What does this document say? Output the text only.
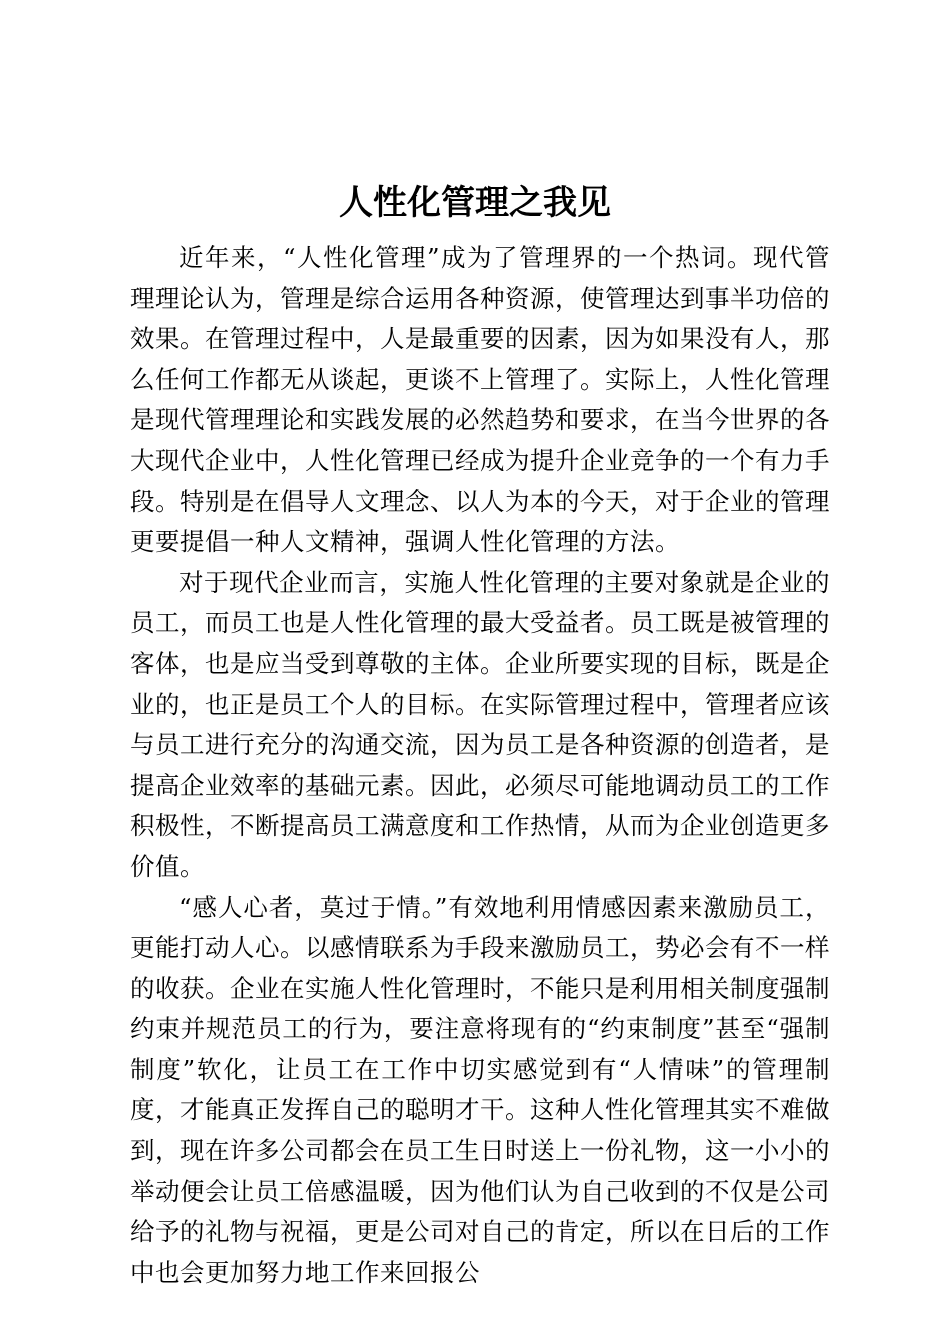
人性化管理之我见

近年来，“人性化管理”成为了管理界的一个热词。现代管理理论认为，管理是综合运用各种资源，使管理达到事半功倍的效果。在管理过程中，人是最重要的因素，因为如果没有人，那么任何工作都无从谈起，更谈不上管理了。实际上，人性化管理是现代管理理论和实践发展的必然趋势和要求，在当今世界的各大现代企业中，人性化管理已经成为提升企业竞争的一个有力手段。特别是在倡导人文理念、以人为本的今天，对于企业的管理更要提倡一种人文精神，强调人性化管理的方法。

对于现代企业而言，实施人性化管理的主要对象就是企业的员工，而员工也是人性化管理的最大受益者。员工既是被管理的客体，也是应当受到尊敬的主体。企业所要实现的目标，既是企业的，也正是员工个人的目标。在实际管理过程中，管理者应该与员工进行充分的沟通交流，因为员工是各种资源的创造者，是提高企业效率的基础元素。因此，必须尽可能地调动员工的工作积极性，不断提高员工满意度和工作热情，从而为企业创造更多价值。

“感人心者，莫过于情。”有效地利用情感因素来激励员工，更能打动人心。以感情联系为手段来激励员工，势必会有不一样的收获。企业在实施人性化管理时，不能只是利用相关制度强制约束并规范员工的行为，要注意将现有的“约束制度”甚至“强制制度”软化，让员工在工作中切实感觉到有“人情味”的管理制度，才能真正发挥自己的聪明才干。这种人性化管理其实不难做到，现在许多公司都会在员工生日时送上一份礼物，这一小小的举动便会让员工倍感温暖，因为他们认为自己收到的不仅是公司给予的礼物与祝福，更是公司对自己的肯定，所以在日后的工作中也会更加努力地工作来回报公
